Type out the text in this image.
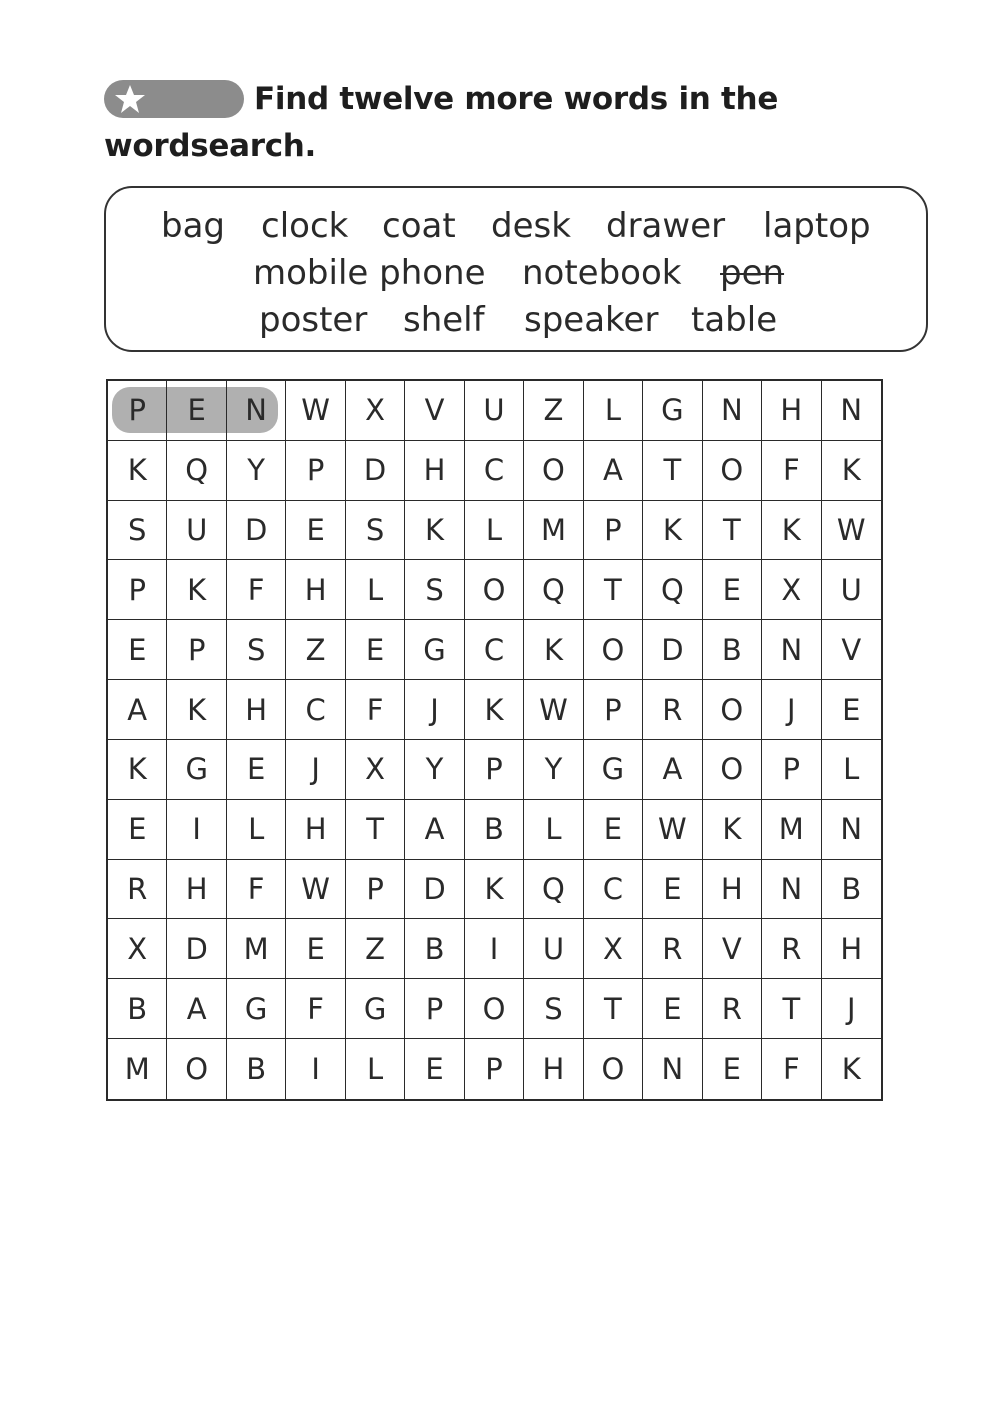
Find twelve more words in the wordsearch.
bag clock coat desk drawer laptop
mobile phone notebook pen
poster shelf speaker table
P	E	N	W	X	V	U	Z	L	G	N	H	N
K	Q	Y	P	D	H	C	O	A	T	O	F	K
S	U	D	E	S	K	L	M	P	K	T	K	W
P	K	F	H	L	S	O	Q	T	Q	E	X	U
E	P	S	Z	E	G	C	K	O	D	B	N	V
A	K	H	C	F	J	K	W	P	R	O	J	E
K	G	E	J	X	Y	P	Y	G	A	O	P	L
E	I	L	H	T	A	B	L	E	W	K	M	N
R	H	F	W	P	D	K	Q	C	E	H	N	B
X	D	M	E	Z	B	I	U	X	R	V	R	H
B	A	G	F	G	P	O	S	T	E	R	T	J
M	O	B	I	L	E	P	H	O	N	E	F	K
